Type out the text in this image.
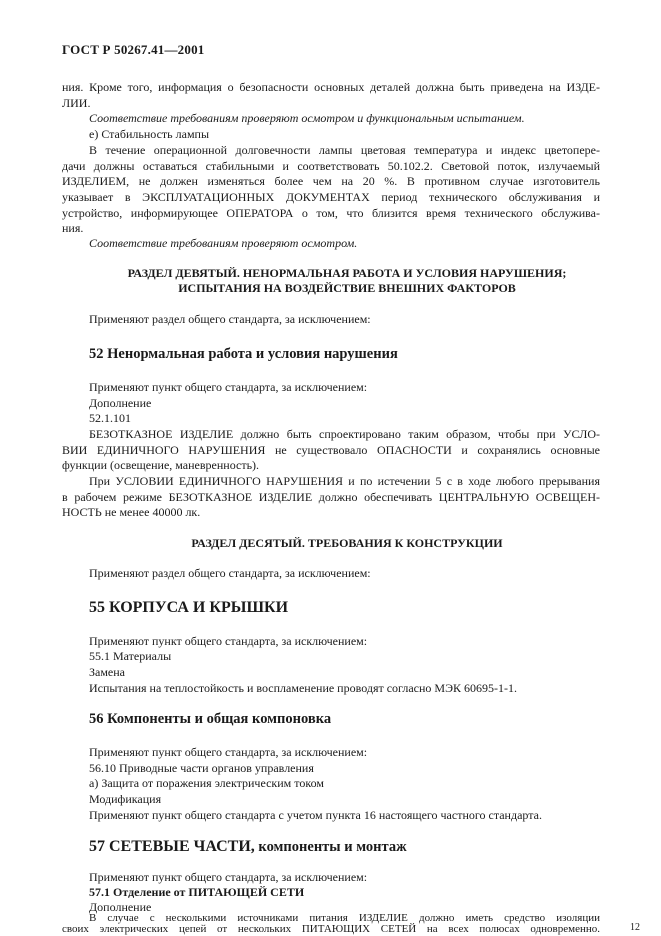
ГОСТ Р 50267.41—2001
ния. Кроме того, информация о безопасности основных деталей должна быть приведена на ИЗДЕ-
ЛИИ.
Соответствие требованиям проверяют осмотром и функциональным испытанием.
е) Стабильность лампы
В течение операционной долговечности лампы цветовая температура и индекс цветопере-
дачи должны оставаться стабильными и соответствовать 50.102.2. Световой поток, излучаемый
ИЗДЕЛИЕМ, не должен изменяться более чем на 20 %. В противном случае изготовитель
указывает в ЭКСПЛУАТАЦИОННЫХ ДОКУМЕНТАХ период технического обслуживания и
устройство, информирующее ОПЕРАТОРА о том, что близится время технического обслужива-
ния.
Соответствие требованиям проверяют осмотром.
РАЗДЕЛ ДЕВЯТЫЙ. НЕНОРМАЛЬНАЯ РАБОТА И УСЛОВИЯ НАРУШЕНИЯ;
ИСПЫТАНИЯ НА ВОЗДЕЙСТВИЕ ВНЕШНИХ ФАКТОРОВ
Применяют раздел общего стандарта, за исключением:
52 Ненормальная работа и условия нарушения
Применяют пункт общего стандарта, за исключением:
Дополнение
52.1.101
БЕЗОТКАЗНОЕ ИЗДЕЛИЕ должно быть спроектировано таким образом, чтобы при УСЛО-
ВИИ ЕДИНИЧНОГО НАРУШЕНИЯ не существовало ОПАСНОСТИ и сохранялись основные
функции (освещение, маневренность).
При УСЛОВИИ ЕДИНИЧНОГО НАРУШЕНИЯ и по истечении 5 с в ходе любого прерывания
в рабочем режиме БЕЗОТКАЗНОЕ ИЗДЕЛИЕ должно обеспечивать ЦЕНТРАЛЬНУЮ ОСВЕЩЕН-
НОСТЬ не менее 40000 лк.
РАЗДЕЛ ДЕСЯТЫЙ. ТРЕБОВАНИЯ К КОНСТРУКЦИИ
Применяют раздел общего стандарта, за исключением:
55 КОРПУСА И КРЫШКИ
Применяют пункт общего стандарта, за исключением:
55.1 Материалы
Замена
Испытания на теплостойкость и воспламенение проводят согласно МЭК 60695-1-1.
56 Компоненты и общая компоновка
Применяют пункт общего стандарта, за исключением:
56.10 Приводные части органов управления
а) Защита от поражения электрическим током
Модификация
Применяют пункт общего стандарта с учетом пункта 16 настоящего частного стандарта.
57 СЕТЕВЫЕ ЧАСТИ, компоненты и монтаж
Применяют пункт общего стандарта, за исключением:
57.1 Отделение от ПИТАЮЩЕЙ СЕТИ
Дополнение
В случае с несколькими источниками питания ИЗДЕЛИЕ должно иметь средство изоляции
своих электрических цепей от нескольких ПИТАЮЩИХ СЕТЕЙ на всех полюсах одновременно.	12
